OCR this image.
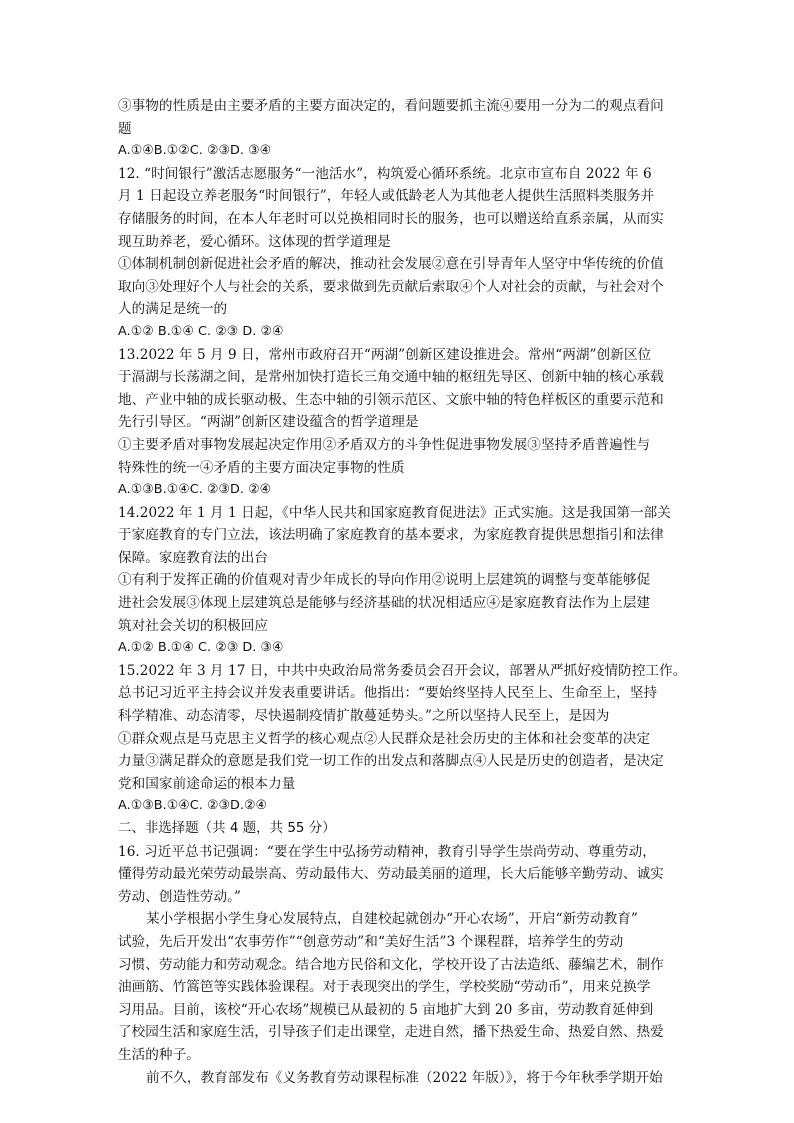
③事物的性质是由主要矛盾的主要方面决定的，看问题要抓主流④要用一分为二的观点看问
题
A.①④B.①②C. ②③D. ③④
12. “时间银行”激活志愿服务“一池活水”，构筑爱心循环系统。北京市宣布自 2022 年 6
月 1 日起设立养老服务“时间银行”，年轻人或低龄老人为其他老人提供生活照料类服务并
存储服务的时间，在本人年老时可以兑换相同时长的服务，也可以赠送给直系亲属，从而实
现互助养老，爱心循环。这体现的哲学道理是
①体制机制创新促进社会矛盾的解决，推动社会发展②意在引导青年人坚守中华传统的价值
取向③处理好个人与社会的关系，要求做到先贡献后索取④个人对社会的贡献，与社会对个
人的满足是统一的
A.①② B.①④ C. ②③ D. ②④
13.2022 年 5 月 9 日，常州市政府召开“两湖”创新区建设推进会。常州“两湖”创新区位
于滆湖与长荡湖之间，是常州加快打造长三角交通中轴的枢纽先导区、创新中轴的核心承载
地、产业中轴的成长驱动极、生态中轴的引领示范区、文旅中轴的特色样板区的重要示范和
先行引导区。“两湖”创新区建设蕴含的哲学道理是
①主要矛盾对事物发展起决定作用②矛盾双方的斗争性促进事物发展③坚持矛盾普遍性与
特殊性的统一④矛盾的主要方面决定事物的性质
A.①③B.①④C. ②③D. ②④
14.2022 年 1 月 1 日起，《中华人民共和国家庭教育促进法》正式实施。这是我国第一部关
于家庭教育的专门立法，该法明确了家庭教育的基本要求，为家庭教育提供思想指引和法律
保障。家庭教育法的出台
①有利于发挥正确的价值观对青少年成长的导向作用②说明上层建筑的调整与变革能够促
进社会发展③体现上层建筑总是能够与经济基础的状况相适应④是家庭教育法作为上层建
筑对社会关切的积极回应
A.①② B.①④ C. ②③ D. ③④
15.2022 年 3 月 17 日，中共中央政治局常务委员会召开会议，部署从严抓好疫情防控工作。
总书记习近平主持会议并发表重要讲话。他指出：“要始终坚持人民至上、生命至上，坚持
科学精准、动态清零，尽快遏制疫情扩散蔓延势头。”之所以坚持人民至上，是因为
①群众观点是马克思主义哲学的核心观点②人民群众是社会历史的主体和社会变革的决定
力量③满足群众的意愿是我们党一切工作的出发点和落脚点④人民是历史的创造者，是决定
党和国家前途命运的根本力量
A.①③B.①④C. ②③D.②④
二、非选择题（共 4 题，共 55 分）
16. 习近平总书记强调：“要在学生中弘扬劳动精神，教育引导学生崇尚劳动、尊重劳动，
懂得劳动最光荣劳动最崇高、劳动最伟大、劳动最美丽的道理，长大后能够辛勤劳动、诚实
劳动、创造性劳动。”
某小学根据小学生身心发展特点，自建校起就创办“开心农场”，开启“新劳动教育”
试验，先后开发出“农事劳作”“创意劳动”和“美好生活”3 个课程群，培养学生的劳动
习惯、劳动能力和劳动观念。结合地方民俗和文化，学校开设了古法造纸、藤编艺术，制作
油画筋、竹篙笆等实践体验课程。对于表现突出的学生，学校奖励“劳动币”，用来兑换学
习用品。目前，该校“开心农场”规模已从最初的 5 亩地扩大到 20 多亩，劳动教育延伸到
了校园生活和家庭生活，引导孩子们走出课堂，走进自然，播下热爱生命、热爱自然、热爱
生活的种子。
前不久，教育部发布《义务教育劳动课程标准（2022 年版）》，将于今年秋季学期开始
